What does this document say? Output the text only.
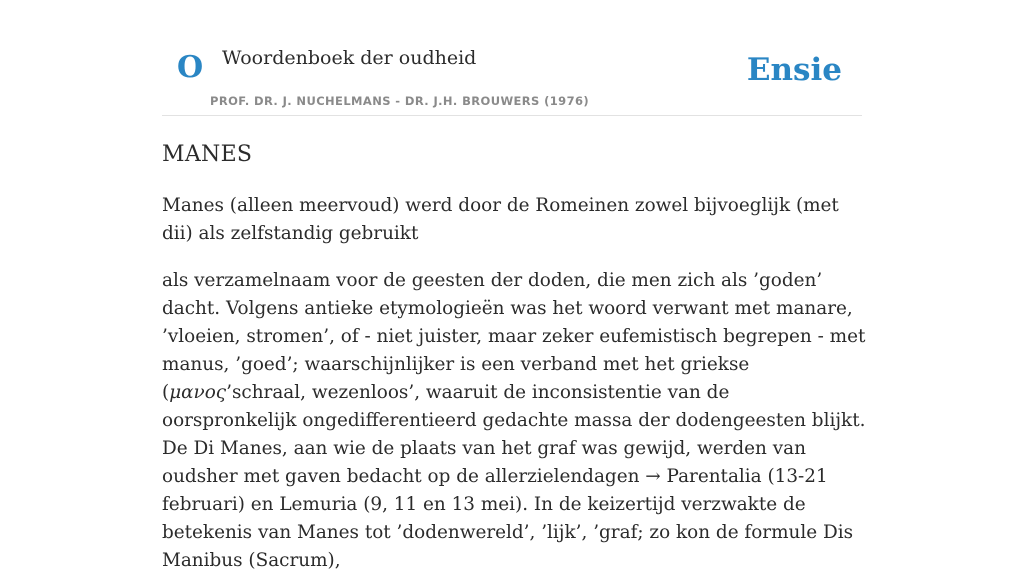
O Woordenboek der oudheid
PROF. DR. J. NUCHELMANS - DR. J.H. BROUWERS (1976)
Ensie
MANES

Manes (alleen meervoud) werd door de Romeinen zowel bijvoeglijk (met dii) als zelfstandig gebruikt

als verzamelnaam voor de geesten der doden, die men zich als ’goden’ dacht. Volgens antieke etymologieën was het woord verwant met manare, ’vloeien, stromen’, of - niet juister, maar zeker eufemistisch begrepen - met manus, ’goed’; waarschijnlijker is een verband met het griekse (μανος’schraal, wezenloos’, waaruit de inconsistentie van de oorspronkelijk ongedifferentieerd gedachte massa der dodengeesten blijkt. De Di Manes, aan wie de plaats van het graf was gewijd, werden van oudsher met gaven bedacht op de allerzielendagen → Parentalia (13-21 februari) en Lemuria (9, 11 en 13 mei). In de keizertijd verzwakte de betekenis van Manes tot ’dodenwereld’, ’lijk’, ’graf; zo kon de formule Dis Manibus (Sacrum),
